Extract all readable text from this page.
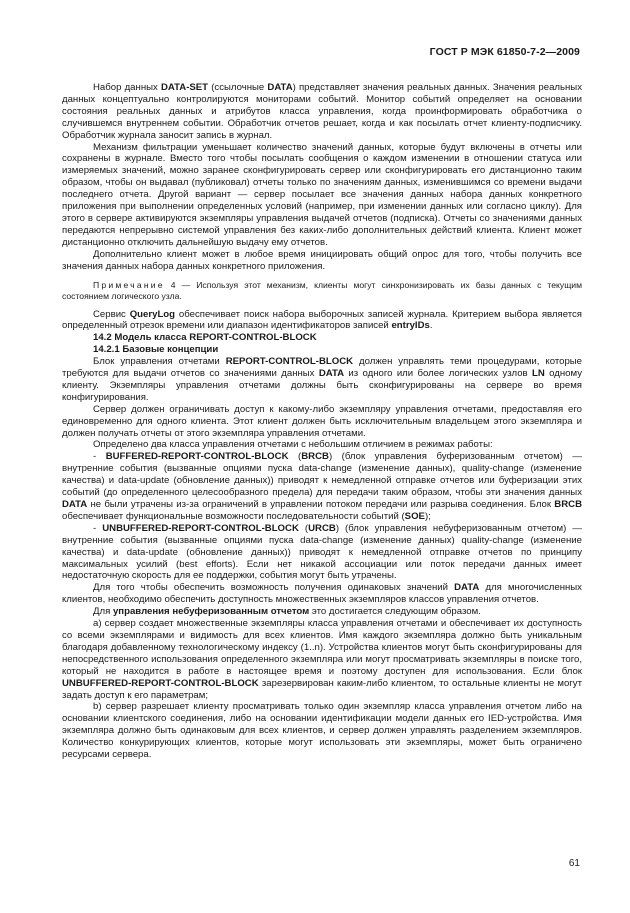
ГОСТ Р МЭК 61850-7-2—2009

Набор данных DATA-SET (ссылочные DATA) представляет значения реальных данных. Значения реальных данных концептуально контролируются мониторами событий. Монитор событий определяет на основании состояния реальных данных и атрибутов класса управления, когда проинформировать обработчика о случившемся внутреннем событии. Обработчик отчетов решает, когда и как посылать отчет клиенту-подписчику. Обработчик журнала заносит запись в журнал.

Механизм фильтрации уменьшает количество значений данных, которые будут включены в отчеты или сохранены в журнале. Вместо того чтобы посылать сообщения о каждом изменении в отношении статуса или измеряемых значений, можно заранее сконфигурировать сервер или сконфигурировать его дистанционно таким образом, чтобы он выдавал (публиковал) отчеты только по значениям данных, изменившимся со времени выдачи последнего отчета. Другой вариант — сервер посылает все значения данных набора данных конкретного приложения при выполнении определенных условий (например, при изменении данных или согласно циклу). Для этого в сервере активируются экземпляры управления выдачей отчетов (подписка). Отчеты со значениями данных передаются непрерывно системой управления без каких-либо дополнительных действий клиента. Клиент может дистанционно отключить дальнейшую выдачу ему отчетов.

Дополнительно клиент может в любое время инициировать общий опрос для того, чтобы получить все значения данных набора данных конкретного приложения.

Примечание 4 — Используя этот механизм, клиенты могут синхронизировать их базы данных с текущим состоянием логического узла.

Сервис QueryLog обеспечивает поиск набора выборочных записей журнала. Критерием выбора является определенный отрезок времени или диапазон идентификаторов записей entryIDs.

14.2 Модель класса REPORT-CONTROL-BLOCK

14.2.1 Базовые концепции

Блок управления отчетами REPORT-CONTROL-BLOCK должен управлять теми процедурами, которые требуются для выдачи отчетов со значениями данных DATA из одного или более логических узлов LN одному клиенту. Экземпляры управления отчетами должны быть сконфигурированы на сервере во время конфигурирования.

Сервер должен ограничивать доступ к какому-либо экземпляру управления отчетами, предоставляя его единовременно для одного клиента. Этот клиент должен быть исключительным владельцем этого экземпляра и должен получать отчеты от этого экземпляра управления отчетами.

Определено два класса управления отчетами с небольшим отличием в режимах работы:

- BUFFERED-REPORT-CONTROL-BLOCK (BRCB) (блок управления буферизованным отчетом) — внутренние события (вызванные опциями пуска data-change (изменение данных), quality-change (изменение качества) и data-update (обновление данных)) приводят к немедленной отправке отчетов или буферизации этих событий (до определенного целесообразного предела) для передачи таким образом, чтобы эти значения данных DATA не были утрачены из-за ограничений в управлении потоком передачи или разрыва соединения. Блок BRCB обеспечивает функциональные возможности последовательности событий (SOE);

- UNBUFFERED-REPORT-CONTROL-BLOCK (URCB) (блок управления небуферизованным отчетом) — внутренние события (вызванные опциями пуска data-change (изменение данных) quality-change (изменение качества) и data-update (обновление данных)) приводят к немедленной отправке отчетов по принципу максимальных усилий (best efforts). Если нет никакой ассоциации или поток передачи данных имеет недостаточную скорость для ее поддержки, события могут быть утрачены.

Для того чтобы обеспечить возможность получения одинаковых значений DATA для многочисленных клиентов, необходимо обеспечить доступность множественных экземпляров классов управления отчетов.

Для управления небуферизованным отчетом это достигается следующим образом.

а) сервер создает множественные экземпляры класса управления отчетами и обеспечивает их доступность со всеми экземплярами и видимость для всех клиентов. Имя каждого экземпляра должно быть уникальным благодаря добавленному технологическому индексу (1..n). Устройства клиентов могут быть сконфигурированы для непосредственного использования определенного экземпляра или могут просматривать экземпляры в поиске того, который не находится в работе в настоящее время и поэтому доступен для использования. Если блок UNBUFFERED-REPORT-CONTROL-BLOCK зарезервирован каким-либо клиентом, то остальные клиенты не могут задать доступ к его параметрам;

b) сервер разрешает клиенту просматривать только один экземпляр класса управления отчетом либо на основании клиентского соединения, либо на основании идентификации модели данных его IED-устройства. Имя экземпляра должно быть одинаковым для всех клиентов, и сервер должен управлять разделением экземпляров. Количество конкурирующих клиентов, которые могут использовать эти экземпляры, может быть ограничено ресурсами сервера.

61
